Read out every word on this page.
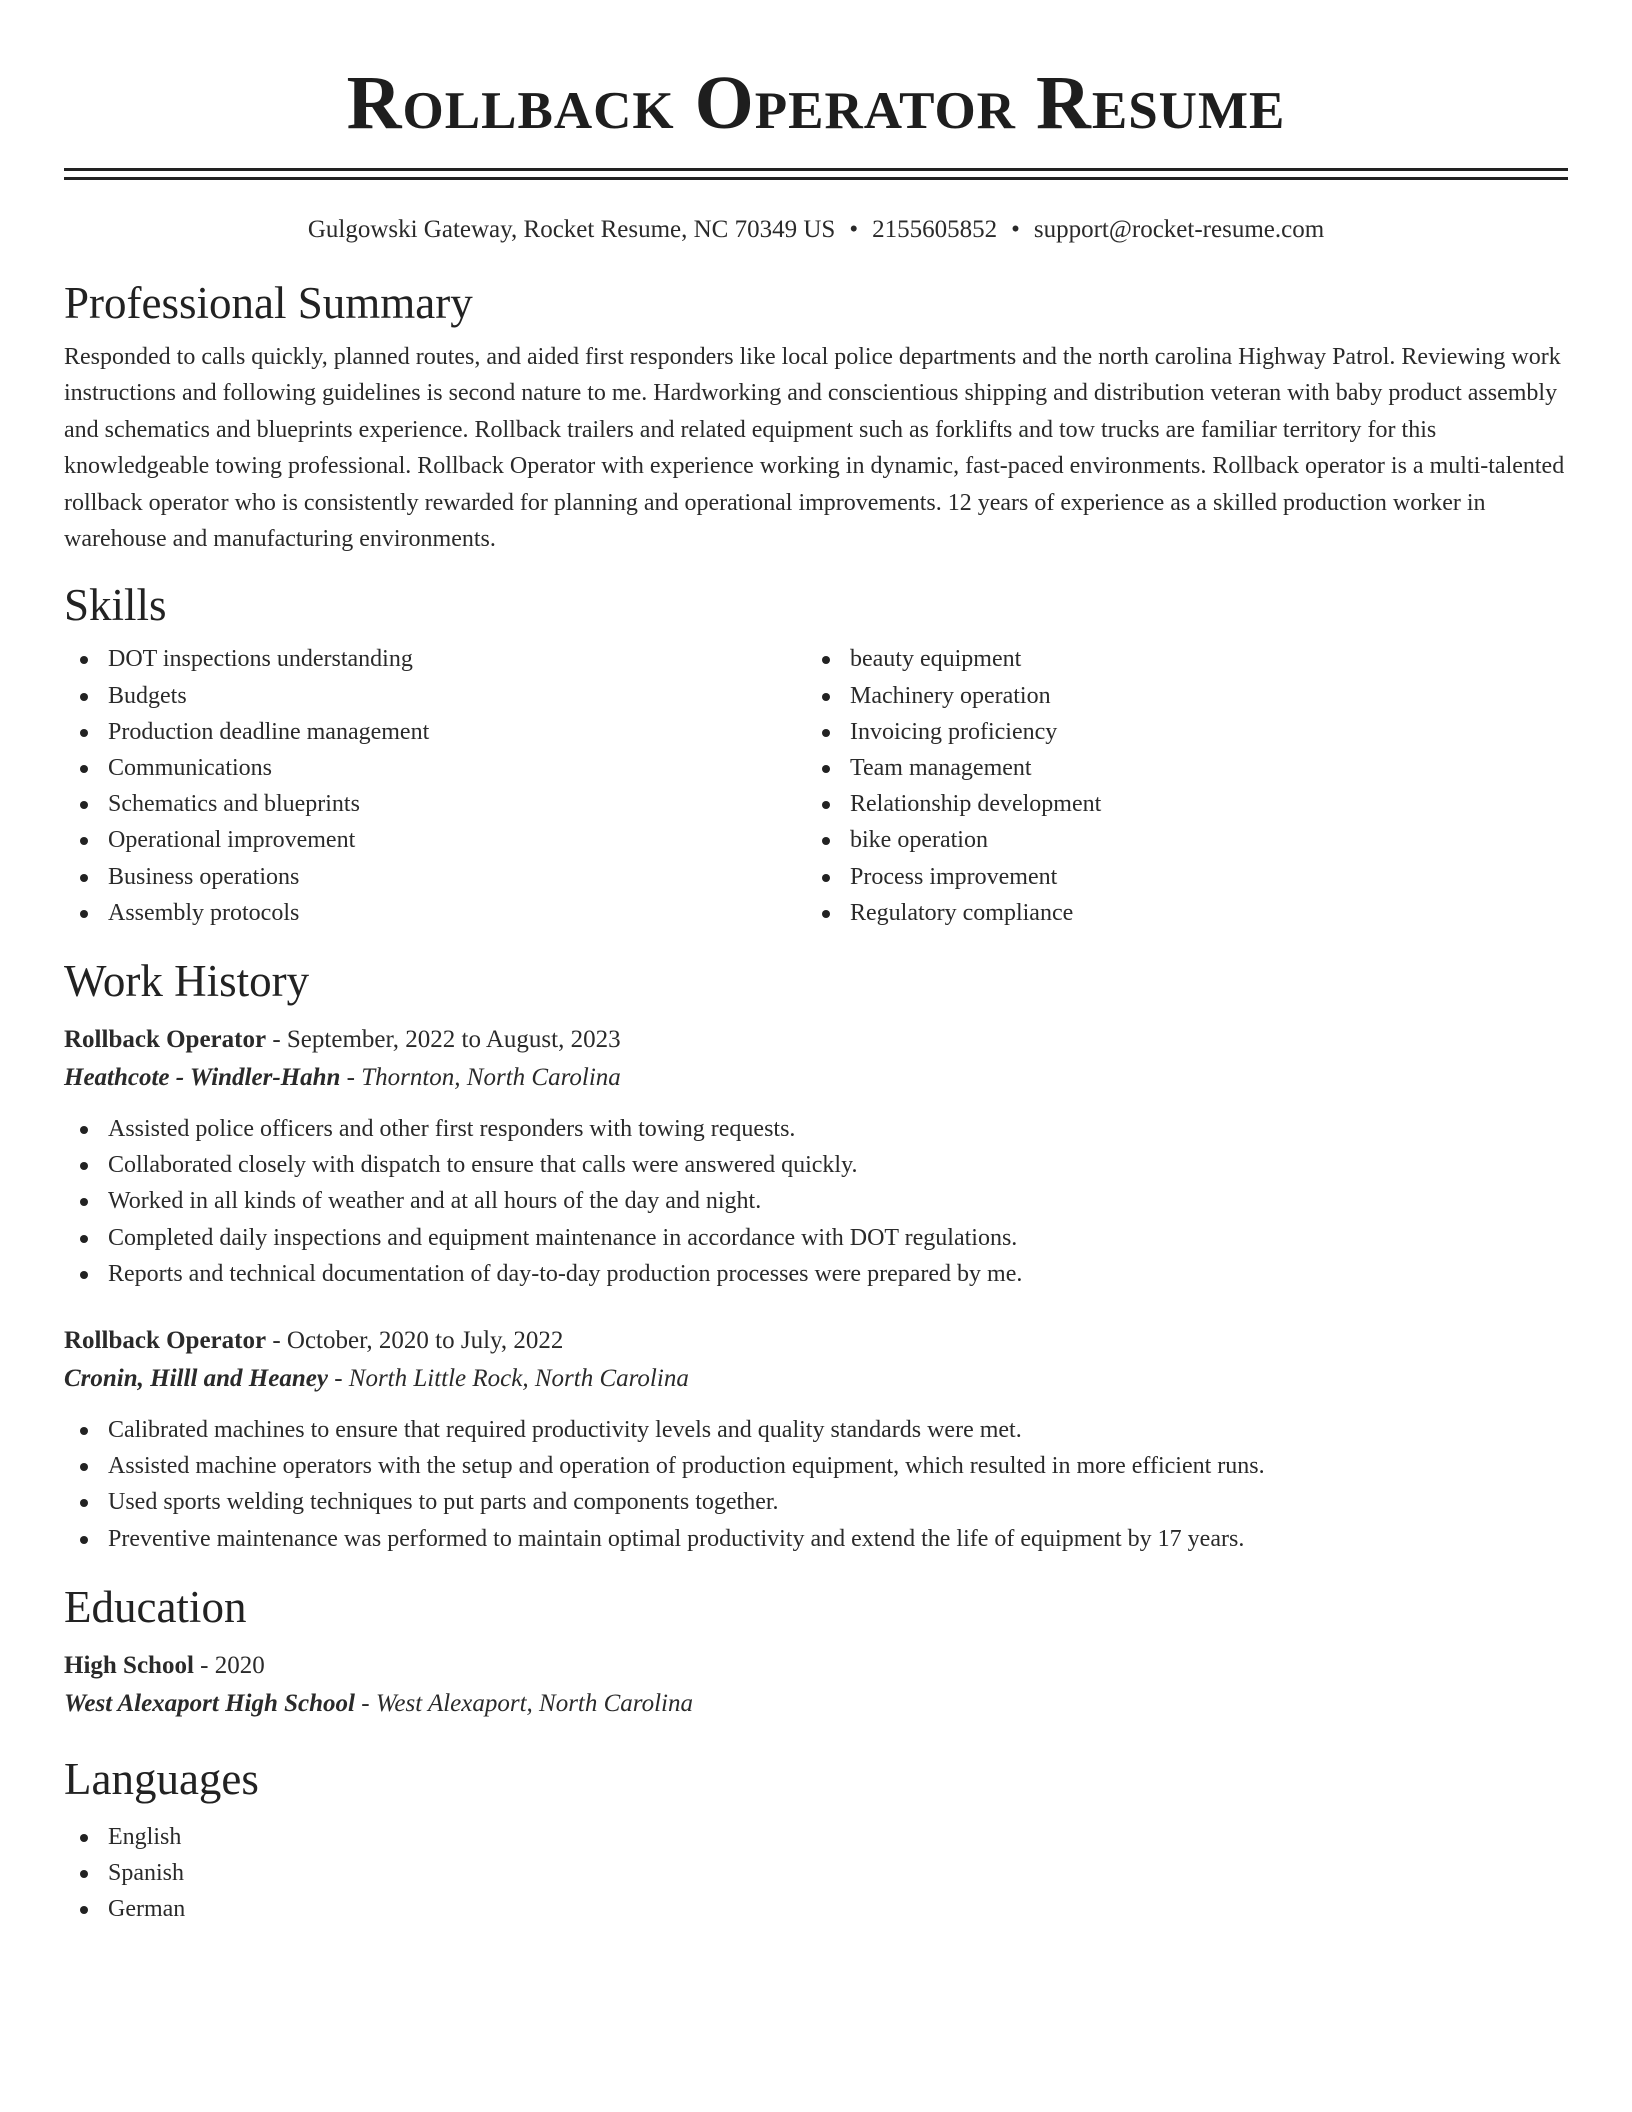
Rollback Operator Resume
Gulgowski Gateway, Rocket Resume, NC 70349 US • 2155605852 • support@rocket-resume.com
Professional Summary

Responded to calls quickly, planned routes, and aided first responders like local police departments and the north carolina Highway Patrol. Reviewing work instructions and following guidelines is second nature to me. Hardworking and conscientious shipping and distribution veteran with baby product assembly and schematics and blueprints experience. Rollback trailers and related equipment such as forklifts and tow trucks are familiar territory for this knowledgeable towing professional. Rollback Operator with experience working in dynamic, fast-paced environments. Rollback operator is a multi-talented rollback operator who is consistently rewarded for planning and operational improvements. 12 years of experience as a skilled production worker in warehouse and manufacturing environments.

Skills
DOT inspections understanding
Budgets
Production deadline management
Communications
Schematics and blueprints
Operational improvement
Business operations
Assembly protocols
beauty equipment
Machinery operation
Invoicing proficiency
Team management
Relationship development
bike operation
Process improvement
Regulatory compliance
Work History
Rollback Operator - September, 2022 to August, 2023
Heathcote - Windler-Hahn - Thornton, North Carolina
Assisted police officers and other first responders with towing requests.
Collaborated closely with dispatch to ensure that calls were answered quickly.
Worked in all kinds of weather and at all hours of the day and night.
Completed daily inspections and equipment maintenance in accordance with DOT regulations.
Reports and technical documentation of day-to-day production processes were prepared by me.
Rollback Operator - October, 2020 to July, 2022
Cronin, Hilll and Heaney - North Little Rock, North Carolina
Calibrated machines to ensure that required productivity levels and quality standards were met.
Assisted machine operators with the setup and operation of production equipment, which resulted in more efficient runs.
Used sports welding techniques to put parts and components together.
Preventive maintenance was performed to maintain optimal productivity and extend the life of equipment by 17 years.
Education
High School - 2020
West Alexaport High School - West Alexaport, North Carolina
Languages
English
Spanish
German
